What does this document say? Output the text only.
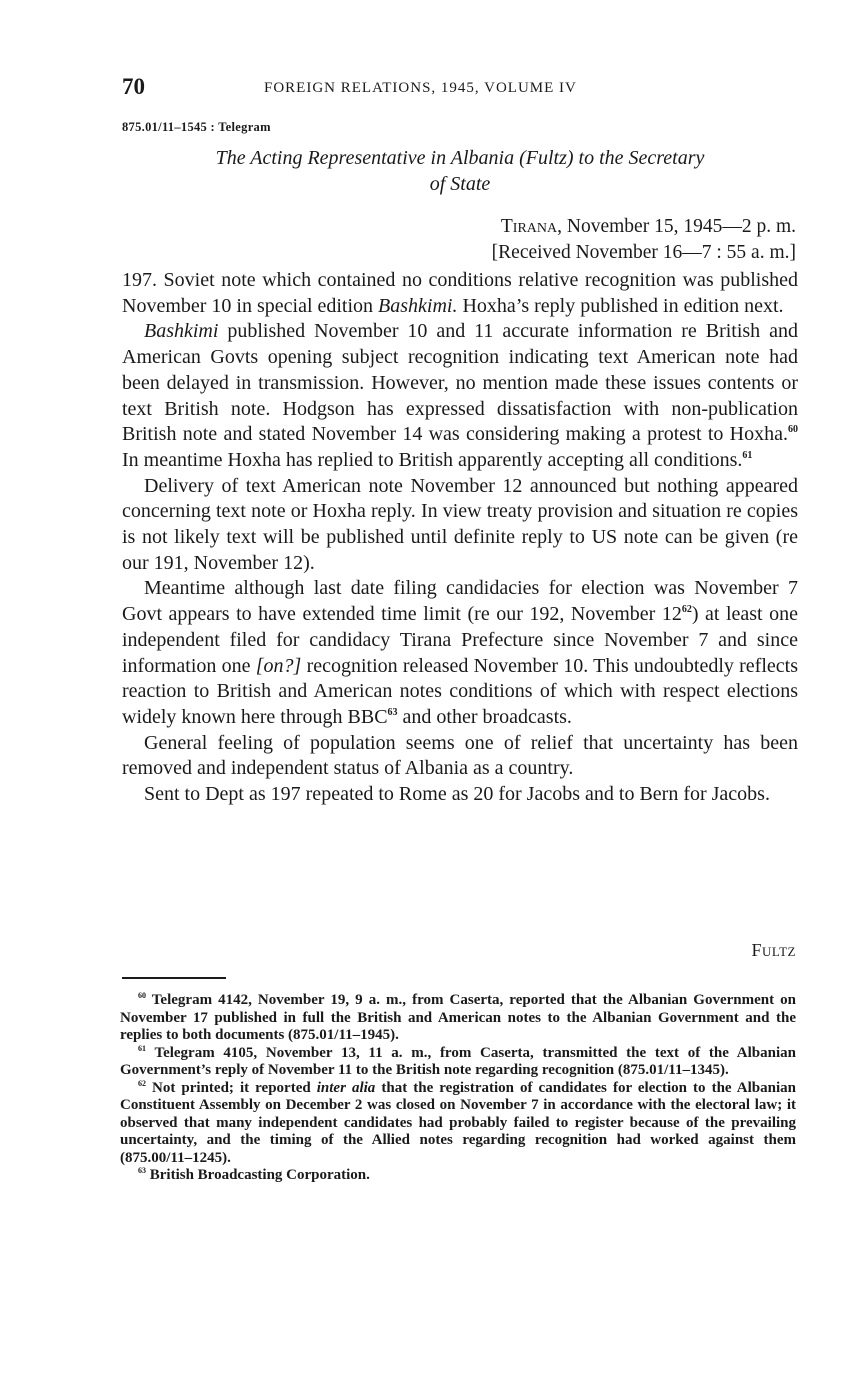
70	FOREIGN RELATIONS, 1945, VOLUME IV
875.01/11–1545 : Telegram
The Acting Representative in Albania (Fultz) to the Secretary
of State
Tirana, November 15, 1945—2 p. m.
[Received November 16—7 : 55 a. m.]

197. Soviet note which contained no conditions relative recognition was published November 10 in special edition Bashkimi. Hoxha’s reply published in edition next.

Bashkimi published November 10 and 11 accurate information re British and American Govts opening subject recognition indicating text American note had been delayed in transmission. However, no mention made these issues contents or text British note. Hodgson has expressed dissatisfaction with non-publication British note and stated November 14 was considering making a protest to Hoxha.$^{60}$ In meantime Hoxha has replied to British apparently accepting all conditions.$^{61}$

Delivery of text American note November 12 announced but nothing appeared concerning text note or Hoxha reply. In view treaty provision and situation re copies is not likely text will be published until definite reply to US note can be given (re our 191, November 12).

Meantime although last date filing candidacies for election was November 7 Govt appears to have extended time limit (re our 192, November $12^{62}$) at least one independent filed for candidacy Tirana Prefecture since November 7 and since information one [on?] recognition released November 10. This undoubtedly reflects reaction to British and American notes conditions of which with respect elections widely known here through BBC$^{63}$ and other broadcasts.

General feeling of population seems one of relief that uncertainty has been removed and independent status of Albania as a country.

Sent to Dept as 197 repeated to Rome as 20 for Jacobs and to Bern for Jacobs.

Fultz

$^{60}$ Telegram 4142, November 19, 9 a. m., from Caserta, reported that the Albanian Government on November 17 published in full the British and American notes to the Albanian Government and the replies to both documents (875.01/11–1945).

$^{61}$ Telegram 4105, November 13, 11 a. m., from Caserta, transmitted the text of the Albanian Government’s reply of November 11 to the British note regarding recognition (875.01/11–1345).

$^{62}$ Not printed; it reported inter alia that the registration of candidates for election to the Albanian Constituent Assembly on December 2 was closed on November 7 in accordance with the electoral law; it observed that many independent candidates had probably failed to register because of the prevailing uncertainty, and the timing of the Allied notes regarding recognition had worked against them (875.00/11–1245).

$^{63}$ British Broadcasting Corporation.
